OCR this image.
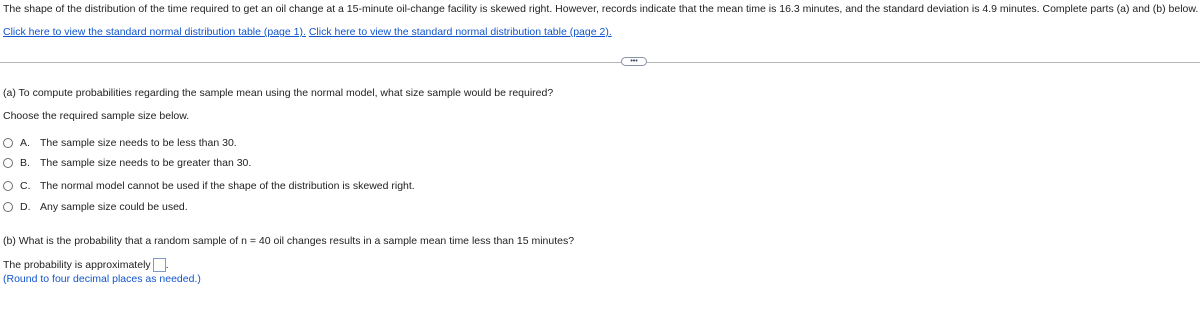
The shape of the distribution of the time required to get an oil change at a 15-minute oil-change facility is skewed right. However, records indicate that the mean time is 16.3 minutes, and the standard deviation is 4.9 minutes. Complete parts (a) and (b) below.
Click here to view the standard normal distribution table (page 1). Click here to view the standard normal distribution table (page 2).
•••
(a) To compute probabilities regarding the sample mean using the normal model, what size sample would be required?
Choose the required sample size below.
A. The sample size needs to be less than 30.
B. The sample size needs to be greater than 30.
C. The normal model cannot be used if the shape of the distribution is skewed right.
D. Any sample size could be used.
(b) What is the probability that a random sample of n = 40 oil changes results in a sample mean time less than 15 minutes?
The probability is approximately .
(Round to four decimal places as needed.)
